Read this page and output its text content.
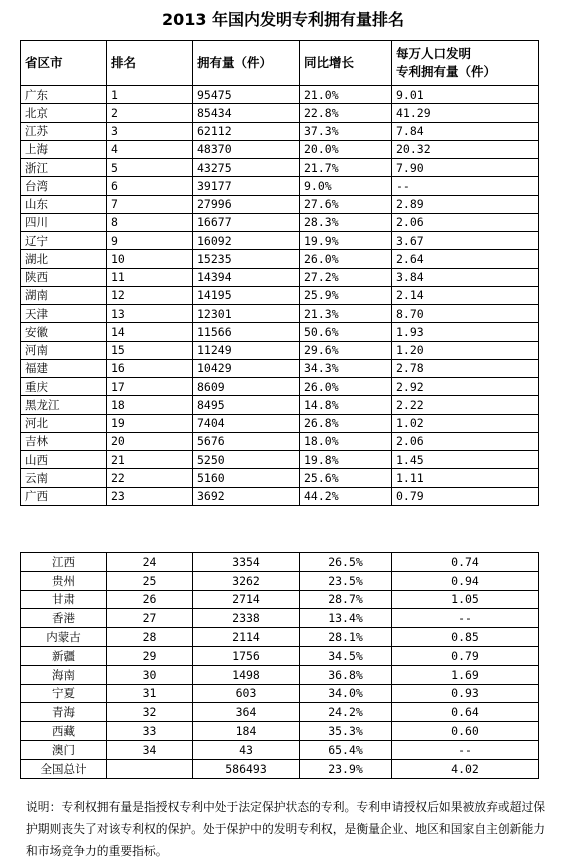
2013 年国内发明专利拥有量排名
省区市	排名	拥有量（件）	同比增长	每万人口发明
专利拥有量（件）

广东	1	95475	21.0%	9.01
北京	2	85434	22.8%	41.29
江苏	3	62112	37.3%	7.84
上海	4	48370	20.0%	20.32
浙江	5	43275	21.7%	7.90
台湾	6	39177	9.0%	--
山东	7	27996	27.6%	2.89
四川	8	16677	28.3%	2.06
辽宁	9	16092	19.9%	3.67
湖北	10	15235	26.0%	2.64
陕西	11	14394	27.2%	3.84
湖南	12	14195	25.9%	2.14
天津	13	12301	21.3%	8.70
安徽	14	11566	50.6%	1.93
河南	15	11249	29.6%	1.20
福建	16	10429	34.3%	2.78
重庆	17	8609	26.0%	2.92
黑龙江	18	8495	14.8%	2.22
河北	19	7404	26.8%	1.02
吉林	20	5676	18.0%	2.06
山西	21	5250	19.8%	1.45
云南	22	5160	25.6%	1.11
广西	23	3692	44.2%	0.79
江西	24	3354	26.5%	0.74
贵州	25	3262	23.5%	0.94
甘肃	26	2714	28.7%	1.05
香港	27	2338	13.4%	--
内蒙古	28	2114	28.1%	0.85
新疆	29	1756	34.5%	0.79
海南	30	1498	36.8%	1.69
宁夏	31	603	34.0%	0.93
青海	32	364	24.2%	0.64
西藏	33	184	35.3%	0.60
澳门	34	43	65.4%	--
全国总计		586493	23.9%	4.02
说明：专利权拥有量是指授权专利中处于法定保护状态的专利。专利申请授权后如果被放弃或超过保护期则丧失了对该专利权的保护。处于保护中的发明专利权，是衡量企业、地区和国家自主创新能力和市场竞争力的重要指标。
